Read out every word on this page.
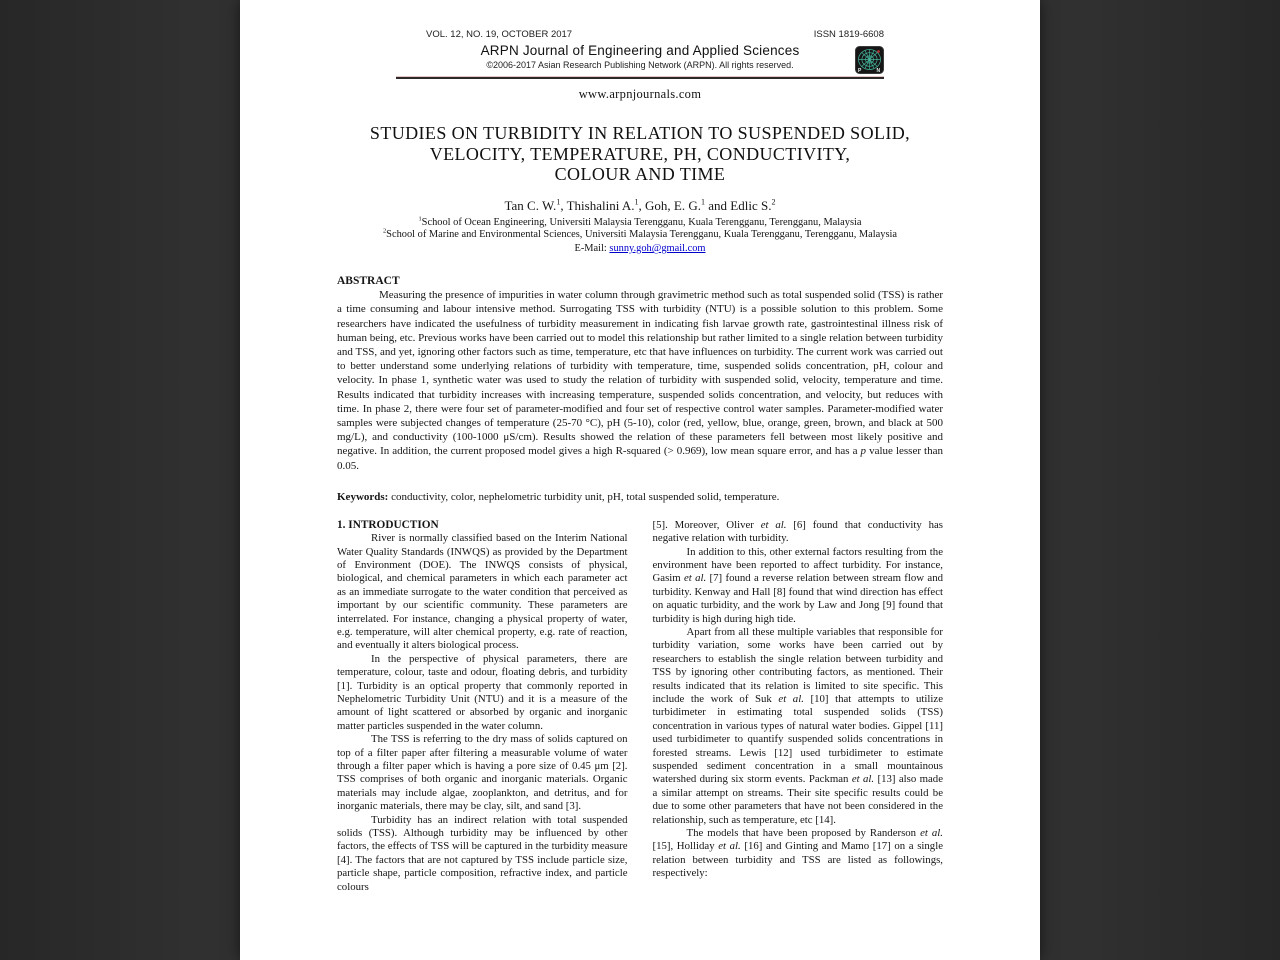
VOL. 12, NO. 19, OCTOBER 2017	ISSN 1819-6608
ARPN Journal of Engineering and Applied Sciences
©2006-2017 Asian Research Publishing Network (ARPN). All rights reserved.
P	N
www.arpnjournals.com
STUDIES ON TURBIDITY IN RELATION TO SUSPENDED SOLID,
VELOCITY, TEMPERATURE, PH, CONDUCTIVITY,
COLOUR AND TIME
Tan C. W.$^1$, Thishalini A.$^1$, Goh, E. G.$^1$ and Edlic S.$^2$
$^1$School of Ocean Engineering, Universiti Malaysia Terengganu, Kuala Terengganu, Terengganu, Malaysia
$^2$School of Marine and Environmental Sciences, Universiti Malaysia Terengganu, Kuala Terengganu, Terengganu, Malaysia
E-Mail: sunny.goh@gmail.com
ABSTRACT
Measuring the presence of impurities in water column through gravimetric method such as total suspended solid (TSS) is rather a time consuming and labour intensive method. Surrogating TSS with turbidity (NTU) is a possible solution to this problem. Some researchers have indicated the usefulness of turbidity measurement in indicating fish larvae growth rate, gastrointestinal illness risk of human being, etc. Previous works have been carried out to model this relationship but rather limited to a single relation between turbidity and TSS, and yet, ignoring other factors such as time, temperature, etc that have influences on turbidity. The current work was carried out to better understand some underlying relations of turbidity with temperature, time, suspended solids concentration, pH, colour and velocity. In phase 1, synthetic water was used to study the relation of turbidity with suspended solid, velocity, temperature and time. Results indicated that turbidity increases with increasing temperature, suspended solids concentration, and velocity, but reduces with time. In phase 2, there were four set of parameter-modified and four set of respective control water samples. Parameter-modified water samples were subjected changes of temperature (25-70 °C), pH (5-10), color (red, yellow, blue, orange, green, brown, and black at 500 mg/L), and conductivity (100-1000 μS/cm). Results showed the relation of these parameters fell between most likely positive and negative. In addition, the current proposed model gives a high R-squared (> 0.969), low mean square error, and has a p value lesser than 0.05.
Keywords: conductivity, color, nephelometric turbidity unit, pH, total suspended solid, temperature.
1. INTRODUCTION

River is normally classified based on the Interim National Water Quality Standards (INWQS) as provided by the Department of Environment (DOE). The INWQS consists of physical, biological, and chemical parameters in which each parameter act as an immediate surrogate to the water condition that perceived as important by our scientific community. These parameters are interrelated. For instance, changing a physical property of water, e.g. temperature, will alter chemical property, e.g. rate of reaction, and eventually it alters biological process.

In the perspective of physical parameters, there are temperature, colour, taste and odour, floating debris, and turbidity [1]. Turbidity is an optical property that commonly reported in Nephelometric Turbidity Unit (NTU) and it is a measure of the amount of light scattered or absorbed by organic and inorganic matter particles suspended in the water column.

The TSS is referring to the dry mass of solids captured on top of a filter paper after filtering a measurable volume of water through a filter paper which is having a pore size of 0.45 μm [2]. TSS comprises of both organic and inorganic materials. Organic materials may include algae, zooplankton, and detritus, and for inorganic materials, there may be clay, silt, and sand [3].

Turbidity has an indirect relation with total suspended solids (TSS). Although turbidity may be influenced by other factors, the effects of TSS will be captured in the turbidity measure [4]. The factors that are not captured by TSS include particle size, particle shape, particle composition, refractive index, and particle colours

[5]. Moreover, Oliver et al. [6] found that conductivity has negative relation with turbidity.

In addition to this, other external factors resulting from the environment have been reported to affect turbidity. For instance, Gasim et al. [7] found a reverse relation between stream flow and turbidity. Kenway and Hall [8] found that wind direction has effect on aquatic turbidity, and the work by Law and Jong [9] found that turbidity is high during high tide.

Apart from all these multiple variables that responsible for turbidity variation, some works have been carried out by researchers to establish the single relation between turbidity and TSS by ignoring other contributing factors, as mentioned. Their results indicated that its relation is limited to site specific. This include the work of Suk et al. [10] that attempts to utilize turbidimeter in estimating total suspended solids (TSS) concentration in various types of natural water bodies. Gippel [11] used turbidimeter to quantify suspended solids concentrations in forested streams. Lewis [12] used turbidimeter to estimate suspended sediment concentration in a small mountainous watershed during six storm events. Packman et al. [13] also made a similar attempt on streams. Their site specific results could be due to some other parameters that have not been considered in the relationship, such as temperature, etc [14].

The models that have been proposed by Randerson et al. [15], Holliday et al. [16] and Ginting and Mamo [17] on a single relation between turbidity and TSS are listed as followings, respectively:
